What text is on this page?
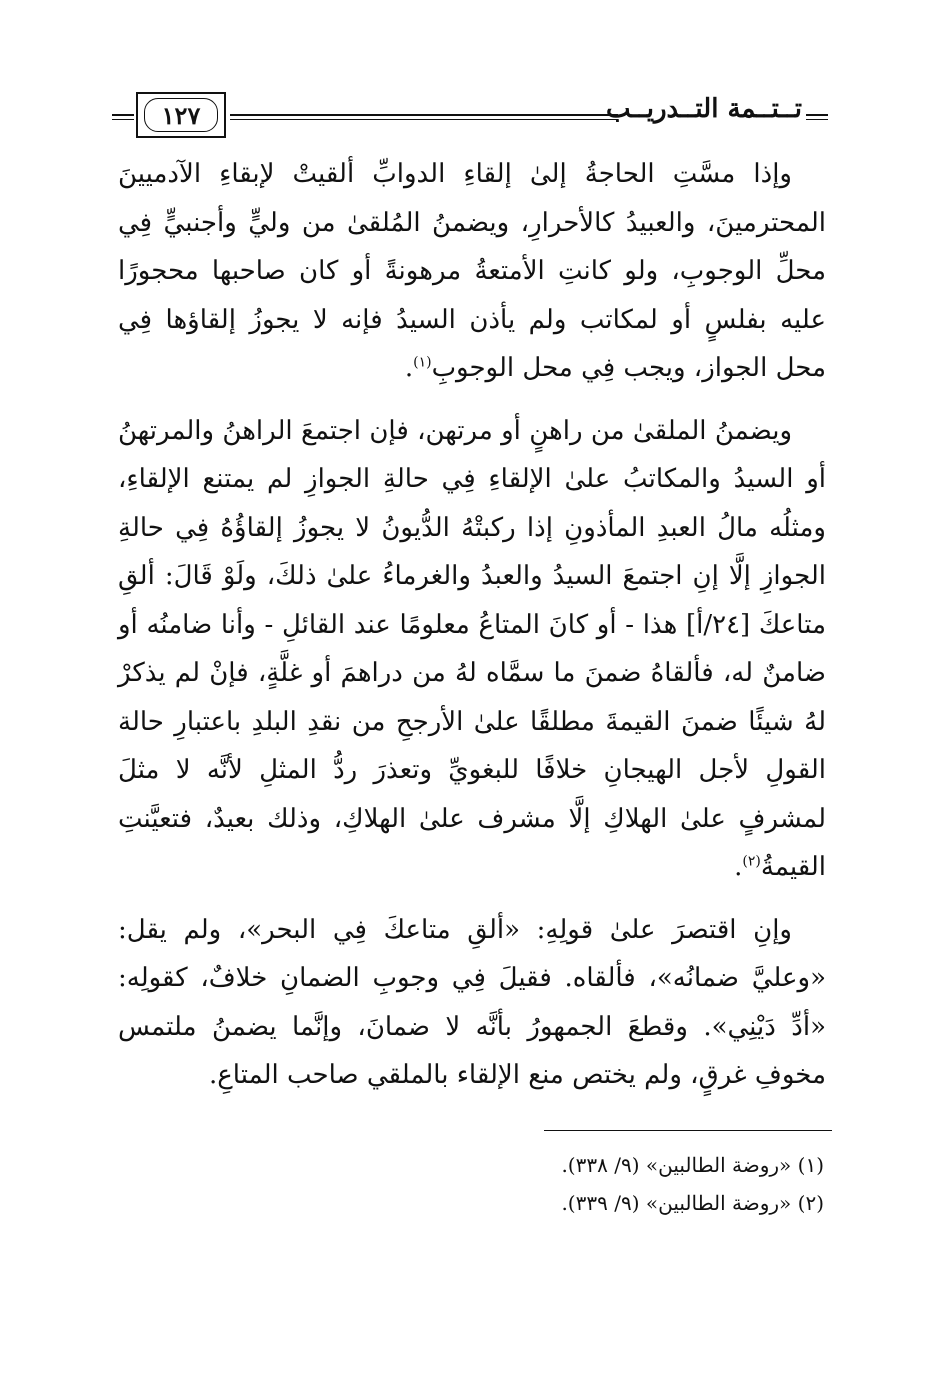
١٢٧	تــتــمة التــدريــب

وإذا مسَّتِ الحاجةُ إلىٰ إلقاءِ الدوابِّ ألقيتْ لإبقاءِ الآدميينَ المحترمينَ، والعبيدُ كالأحرارِ، ويضمنُ المُلقىٰ من وليٍّ وأجنبيٍّ فِي محلِّ الوجوبِ، ولو كانتِ الأمتعةُ مرهونةً أو كان صاحبها محجورًا عليه بفلسٍ أو لمكاتب ولم يأذن السيدُ فإنه لا يجوزُ إلقاؤها فِي محل الجواز، ويجب فِي محل الوجوبِ$^{(١)}$.

ويضمنُ الملقىٰ من راهنٍ أو مرتهن، فإن اجتمعَ الراهنُ والمرتهنُ أو السيدُ والمكاتبُ علىٰ الإلقاءِ فِي حالةِ الجوازِ لم يمتنع الإلقاءِ، ومثلُه مالُ العبدِ المأذونِ إذا ركبتْهُ الدُّيونُ لا يجوزُ إلقاؤُهُ فِي حالةِ الجوازِ إلَّا إنِ اجتمعَ السيدُ والعبدُ والغرماءُ علىٰ ذلكَ، ولَوْ قَالَ: ألقِ متاعكَ [٢٤/أ] هذا - أو كانَ المتاعُ معلومًا عند القائلِ - وأنا ضامنُه أو ضامنٌ له، فألقاهُ ضمنَ ما سمَّاه لهُ من دراهمَ أو غلَّةٍ، فإنْ لم يذكرْ لهُ شيئًا ضمنَ القيمةَ مطلقًا علىٰ الأرجحِ من نقدِ البلدِ باعتبارِ حالة القولِ لأجل الهيجانِ خلافًا للبغويِّ وتعذرَ ردُّ المثلِ لأنَّه لا مثلَ لمشرفٍ علىٰ الهلاكِ إلَّا مشرف علىٰ الهلاكِ، وذلك بعيدٌ، فتعيَّنتِ القيمةُ$^{(٢)}$.

وإنِ اقتصرَ علىٰ قولِهِ: «ألقِ متاعكَ فِي البحر»، ولم يقل: «وعليَّ ضمانُه»، فألقاه. فقيلَ فِي وجوبِ الضمانِ خلافٌ، كقولِه: «أدِّ دَيْنِي». وقطعَ الجمهورُ بأنَّه لا ضمانَ، وإنَّما يضمنُ ملتمس مخوفِ غرقٍ، ولم يختص منع الإلقاء بالملقي صاحب المتاعِ.

(١) «روضة الطالبين» (٩/ ٣٣٨).
(٢) «روضة الطالبين» (٩/ ٣٣٩).
